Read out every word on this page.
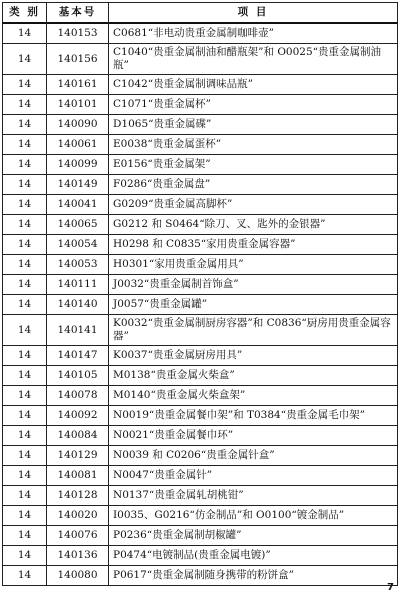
类 别	基本号	项 目
14	140153	C0681“非电动贵重金属制咖啡壶”
14	140156	C1040“贵重金属制油和醋瓶架”和 O0025“贵重金属制油瓶”
14	140161	C1042“贵重金属制调味品瓶”
14	140101	C1071“贵重金属杯”
14	140090	D1065“贵重金属碟”
14	140061	E0038“贵重金属蛋杯”
14	140099	E0156“贵重金属架”
14	140149	F0286“贵重金属盘”
14	140041	G0209“贵重金属高脚杯”
14	140065	G0212 和 S0464“除刀、叉、匙外的金银器”
14	140054	H0298 和 C0835“家用贵重金属容器”
14	140053	H0301“家用贵重金属用具”
14	140111	J0032“贵重金属制首饰盒”
14	140140	J0057“贵重金属罐”
14	140141	K0032“贵重金属制厨房容器”和 C0836“厨房用贵重金属容器”
14	140147	K0037“贵重金属厨房用具”
14	140105	M0138“贵重金属火柴盒”
14	140078	M0140“贵重金属火柴盒架”
14	140092	N0019“贵重金属餐巾架”和 T0384“贵重金属毛巾架”
14	140084	N0021“贵重金属餐巾环”
14	140129	N0039 和 C0206“贵重金属针盒”
14	140081	N0047“贵重金属针”
14	140128	N0137“贵重金属轧胡桃钳”
14	140020	I0035、G0216“仿金制品”和 O0100“镀金制品”
14	140076	P0236“贵重金属制胡椒罐”
14	140136	P0474“电镀制品(贵重金属电镀)”
14	140080	P0617“贵重金属制随身携带的粉饼盒”
7
